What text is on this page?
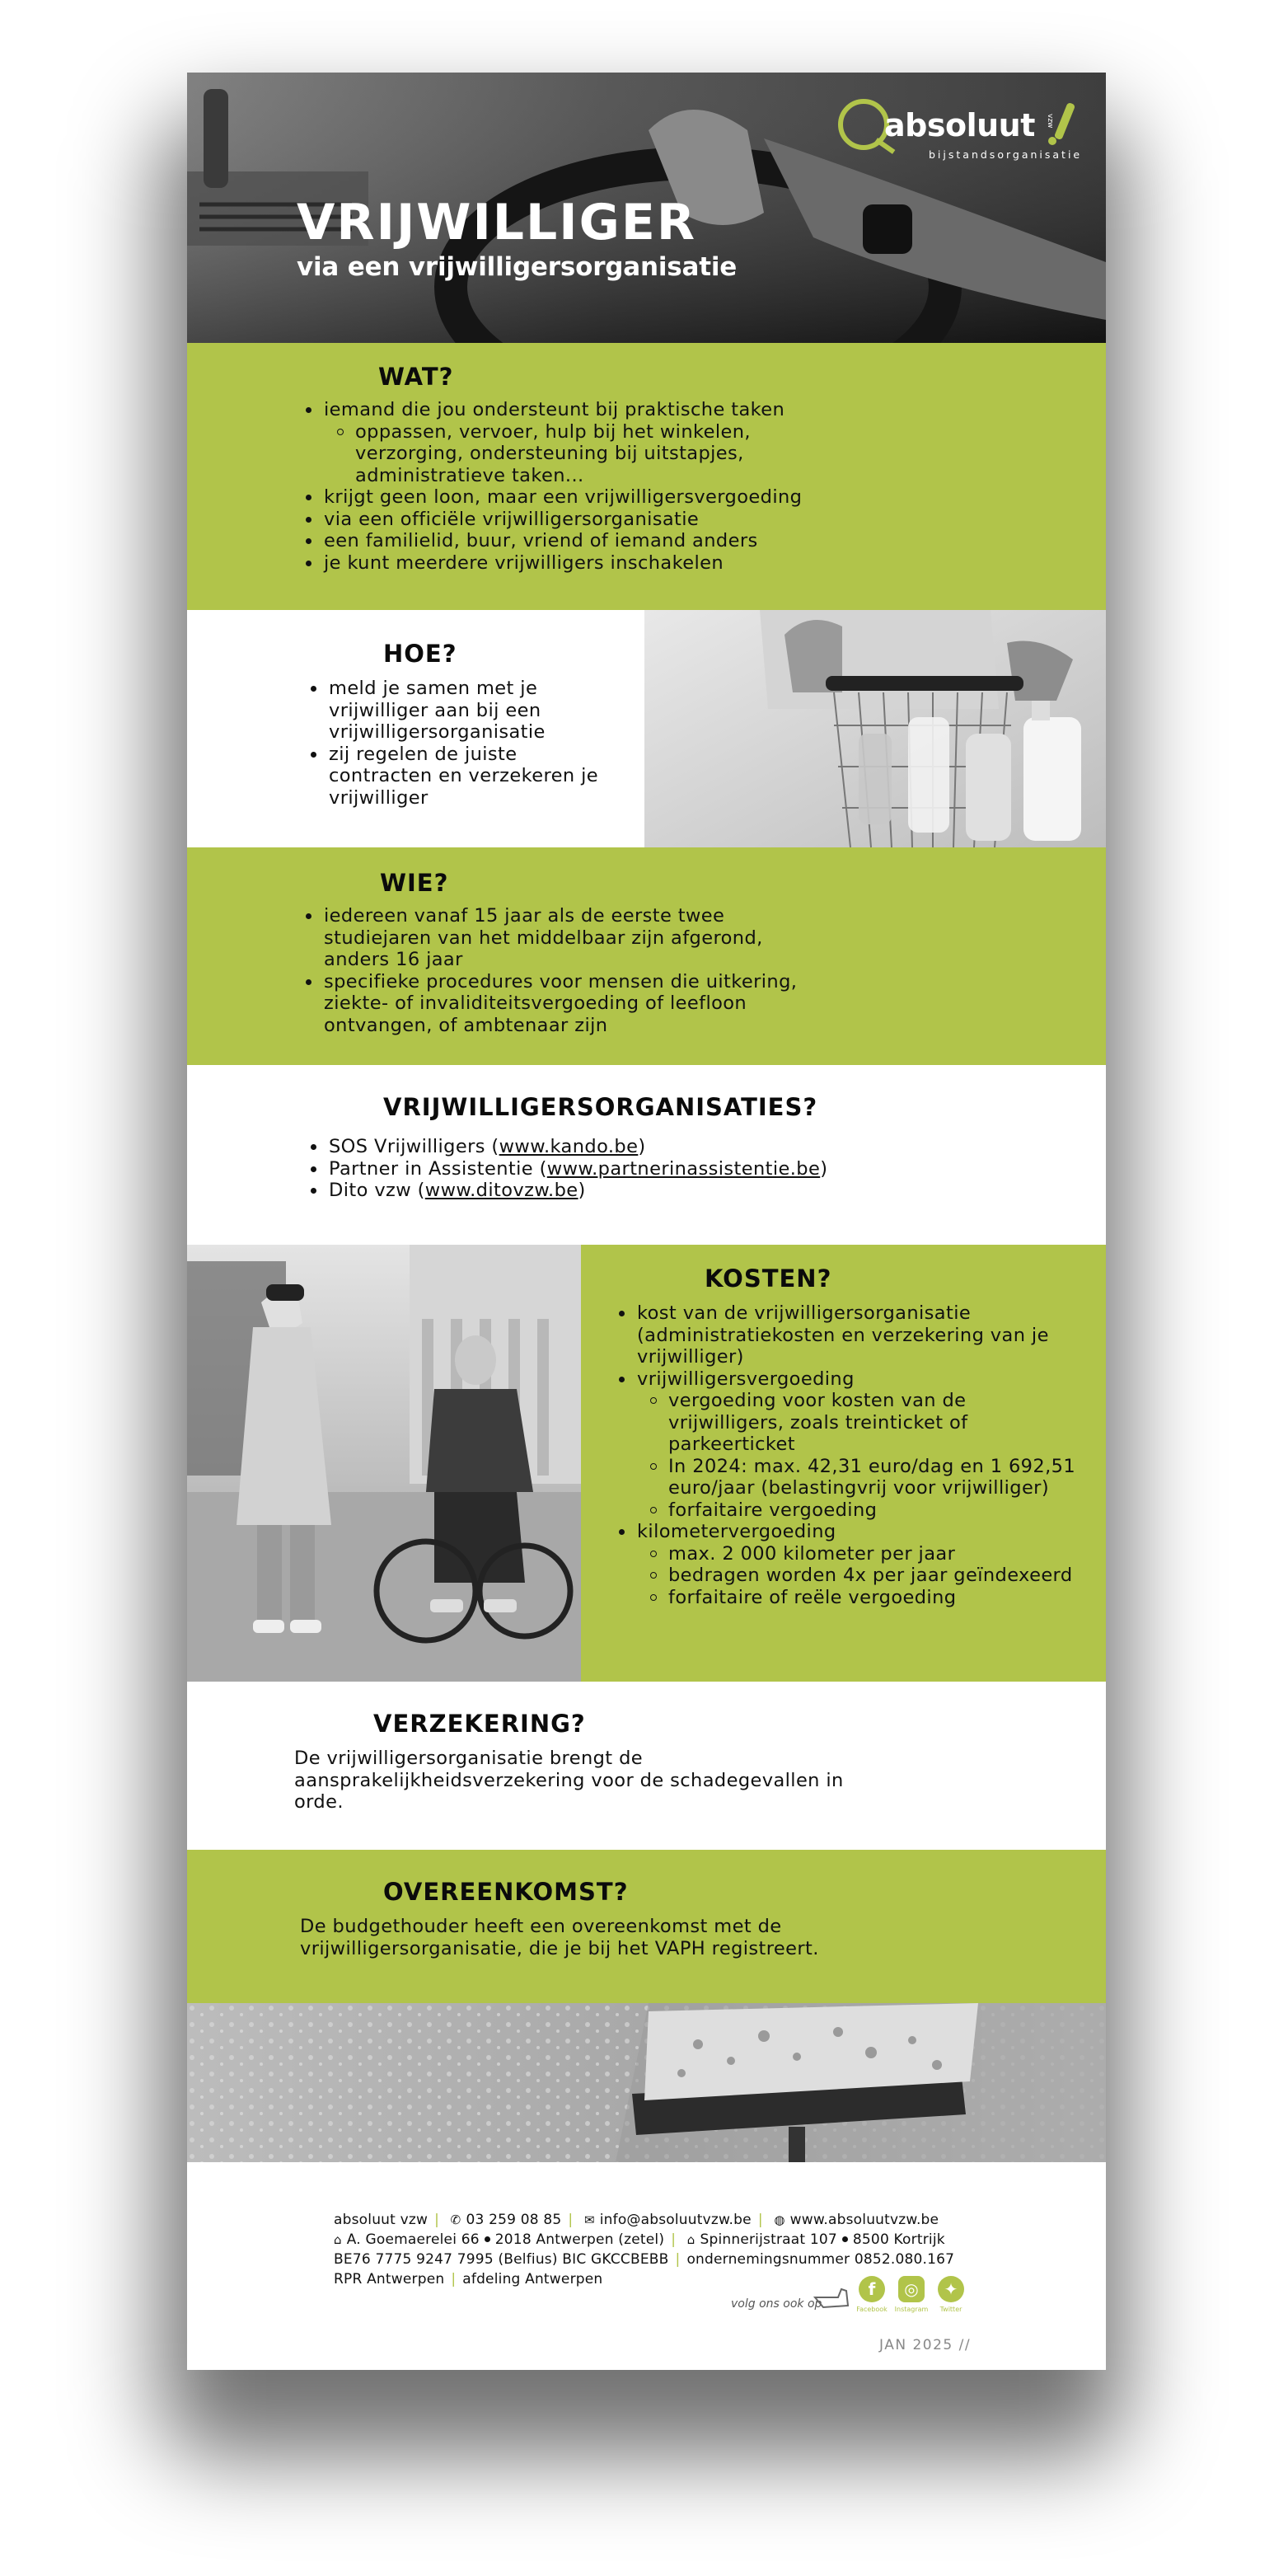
absoluut vzw
bijstandsorganisatie
VRIJWILLIGER
via een vrijwilligersorganisatie
WAT?
iemand die jou ondersteunt bij praktische taken
oppassen, vervoer, hulp bij het winkelen, verzorging, ondersteuning bij uitstapjes, administratieve taken...
krijgt geen loon, maar een vrijwilligersvergoeding
via een officiële vrijwilligersorganisatie
een familielid, buur, vriend of iemand anders
je kunt meerdere vrijwilligers inschakelen
HOE?
meld je samen met je vrijwilliger aan bij een vrijwilligersorganisatie
zij regelen de juiste contracten en verzekeren je vrijwilliger
WIE?
iedereen vanaf 15 jaar als de eerste twee studiejaren van het middelbaar zijn afgerond, anders 16 jaar
specifieke procedures voor mensen die uitkering, ziekte- of invaliditeitsvergoeding of leefloon ontvangen, of ambtenaar zijn
VRIJWILLIGERSORGANISATIES?
SOS Vrijwilligers (www.kando.be)
Partner in Assistentie (www.partnerinassistentie.be)
Dito vzw (www.ditovzw.be)
KOSTEN?
kost van de vrijwilligersorganisatie (administratiekosten en verzekering van je vrijwilliger)
vrijwilligersvergoeding
vergoeding voor kosten van de vrijwilligers, zoals treinticket of parkeerticket
In 2024: max. 42,31 euro/dag en 1 692,51 euro/jaar (belastingvrij voor vrijwilliger)
forfaitaire vergoeding
kilometervergoeding
max. 2 000 kilometer per jaar
bedragen worden 4x per jaar geïndexeerd
forfaitaire of reële vergoeding
VERZEKERING?
De vrijwilligersorganisatie brengt de aansprakelijkheidsverzekering voor de schadegevallen in orde.
OVEREENKOMST?
De budgethouder heeft een overeenkomst met de vrijwilligersorganisatie, die je bij het VAPH registreert.
absoluut vzw | ✆ 03 259 08 85 | ✉ info@absoluutvzw.be | ◍ www.absoluutvzw.be
⌂ A. Goemaerelei 66 2018 Antwerpen (zetel) | ⌂ Spinnerijstraat 107 8500 Kortrijk
BE76 7775 9247 7995 (Belfius) BIC GKCCBEBB | ondernemingsnummer 0852.080.167
RPR Antwerpen | afdeling Antwerpen
volg ons ook op
f
Facebook
◎
Instagram
✦
Twitter
JAN 2025 //
